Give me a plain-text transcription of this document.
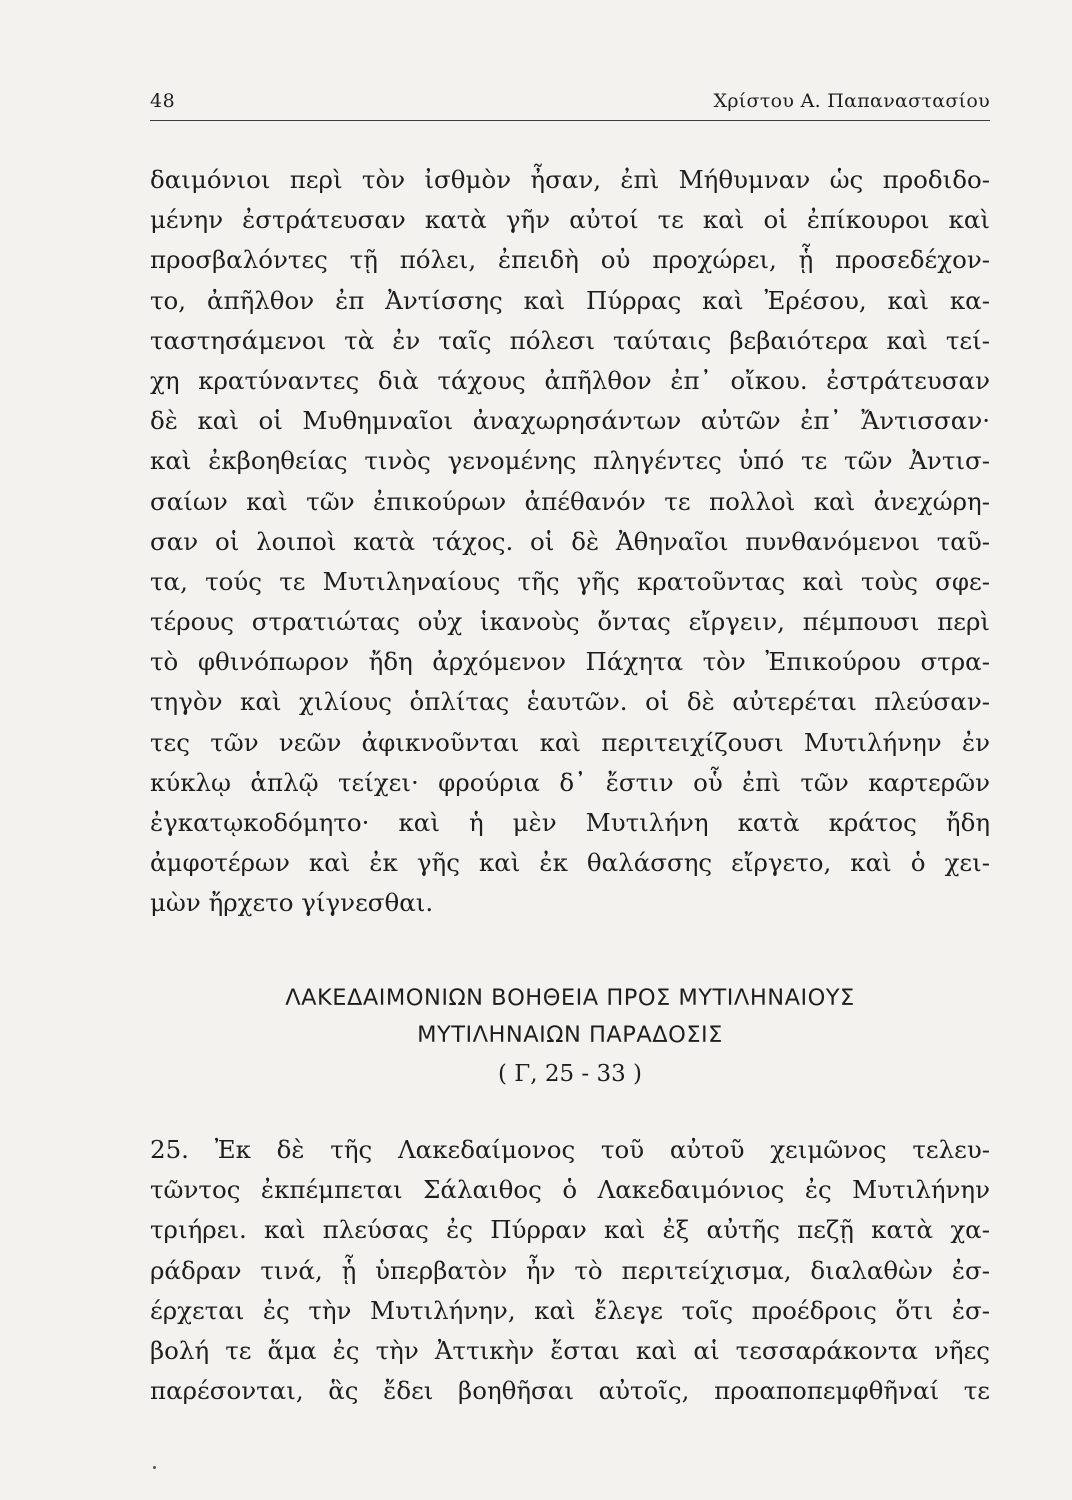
48	Χρίστου Α. Παπαναστασίου
δαιμόνιοι περὶ τὸν ἰσθμὸν ἦσαν, ἐπὶ Μήθυμναν ὡς προδιδο-
μένην ἐστράτευσαν κατὰ γῆν αὐτοί τε καὶ οἱ ἐπίκουροι καὶ
προσβαλόντες τῇ πόλει, ἐπειδὴ οὐ προχώρει, ᾗ προσεδέχον-
το, ἀπῆλθον ἐπ Ἀντίσσης καὶ Πύρρας καὶ Ἐρέσου, καὶ κα-
ταστησάμενοι τὰ ἐν ταῖς πόλεσι ταύταις βεβαιότερα καὶ τεί-
χη κρατύναντες διὰ τάχους ἀπῆλθον ἐπ᾽ οἴκου. ἐστράτευσαν
δὲ καὶ οἱ Μυθημναῖοι ἀναχωρησάντων αὐτῶν ἐπ᾽ Ἄντισσαν·
καὶ ἐκβοηθείας τινὸς γενομένης πληγέντες ὑπό τε τῶν Ἀντισ-
σαίων καὶ τῶν ἐπικούρων ἀπέθανόν τε πολλοὶ καὶ ἀνεχώρη-
σαν οἱ λοιποὶ κατὰ τάχος. οἱ δὲ Ἀθηναῖοι πυνθανόμενοι ταῦ-
τα, τούς τε Μυτιληναίους τῆς γῆς κρατοῦντας καὶ τοὺς σφε-
τέρους στρατιώτας οὐχ ἱκανοὺς ὄντας εἴργειν, πέμπουσι περὶ
τὸ φθινόπωρον ἤδη ἀρχόμενον Πάχητα τὸν Ἐπικούρου στρα-
τηγὸν καὶ χιλίους ὁπλίτας ἑαυτῶν. οἱ δὲ αὐτερέται πλεύσαν-
τες τῶν νεῶν ἀφικνοῦνται καὶ περιτειχίζουσι Μυτιλήνην ἐν
κύκλῳ ἁπλῷ τείχει· φρούρια δ᾽ ἔστιν οὗ ἐπὶ τῶν καρτερῶν
ἐγκατῳκοδόμητο· καὶ ἡ μὲν Μυτιλήνη κατὰ κράτος ἤδη
ἀμφοτέρων καὶ ἐκ γῆς καὶ ἐκ θαλάσσης εἴργετο, καὶ ὁ χει-
μὼν ἤρχετο γίγνεσθαι.
ΛΑΚΕΔΑΙΜΟΝΙΩΝ ΒΟΗΘΕΙΑ ΠΡΟΣ ΜΥΤΙΛΗΝΑΙΟΥΣ
ΜΥΤΙΛΗΝΑΙΩΝ ΠΑΡΑΔΟΣΙΣ
( Γ, 25 - 33 )
25. Ἐκ δὲ τῆς Λακεδαίμονος τοῦ αὐτοῦ χειμῶνος τελευ-
τῶντος ἐκπέμπεται Σάλαιθος ὁ Λακεδαιμόνιος ἐς Μυτιλήνην
τριήρει. καὶ πλεύσας ἐς Πύρραν καὶ ἐξ αὐτῆς πεζῇ κατὰ χα-
ράδραν τινά, ᾗ ὑπερβατὸν ἦν τὸ περιτείχισμα, διαλαθὼν ἐσ-
έρχεται ἐς τὴν Μυτιλήνην, καὶ ἔλεγε τοῖς προέδροις ὅτι ἐσ-
βολή τε ἅμα ἐς τὴν Ἀττικὴν ἔσται καὶ αἱ τεσσαράκοντα νῆες
παρέσονται, ἃς ἔδει βοηθῆσαι αὐτοῖς, προαποπεμφθῆναί τε
